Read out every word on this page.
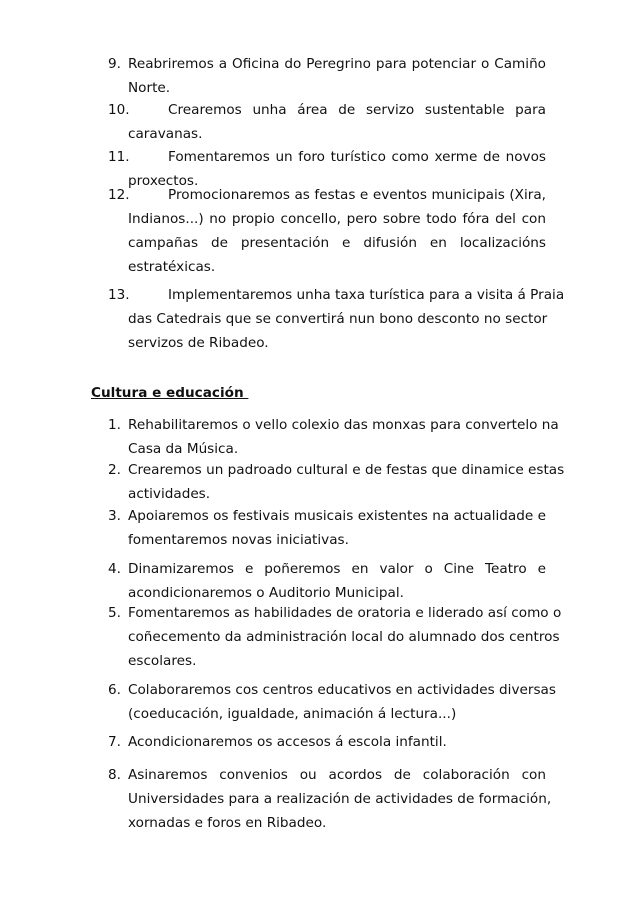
9. Reabriremos a Oficina do Peregrino para potenciar o Camiño
Norte.
10.	Crearemos unha área de servizo sustentable para
caravanas.
11.	Fomentaremos un foro turístico como xerme de novos
proxectos.
12.	Promocionaremos as festas e eventos municipais (Xira,
Indianos...) no propio concello, pero sobre todo fóra del con
campañas de presentación e difusión en localizacións
estratéxicas.
13.	Implementaremos unha taxa turística para a visita á Praia
das Catedrais que se convertirá nun bono desconto no sector
servizos de Ribadeo.
Cultura e educación
1. Rehabilitaremos o vello colexio das monxas para convertelo na
Casa da Música.
2. Crearemos un padroado cultural e de festas que dinamice estas
actividades.
3. Apoiaremos os festivais musicais existentes na actualidade e
fomentaremos novas iniciativas.
4. Dinamizaremos e poñeremos en valor o Cine Teatro e
acondicionaremos o Auditorio Municipal.
5. Fomentaremos as habilidades de oratoria e liderado así como o
coñecemento da administración local do alumnado dos centros
escolares.
6. Colaboraremos cos centros educativos en actividades diversas
(coeducación, igualdade, animación á lectura...)
7. Acondicionaremos os accesos á escola infantil.
8. Asinaremos convenios ou acordos de colaboración con
Universidades para a realización de actividades de formación,
xornadas e foros en Ribadeo.
